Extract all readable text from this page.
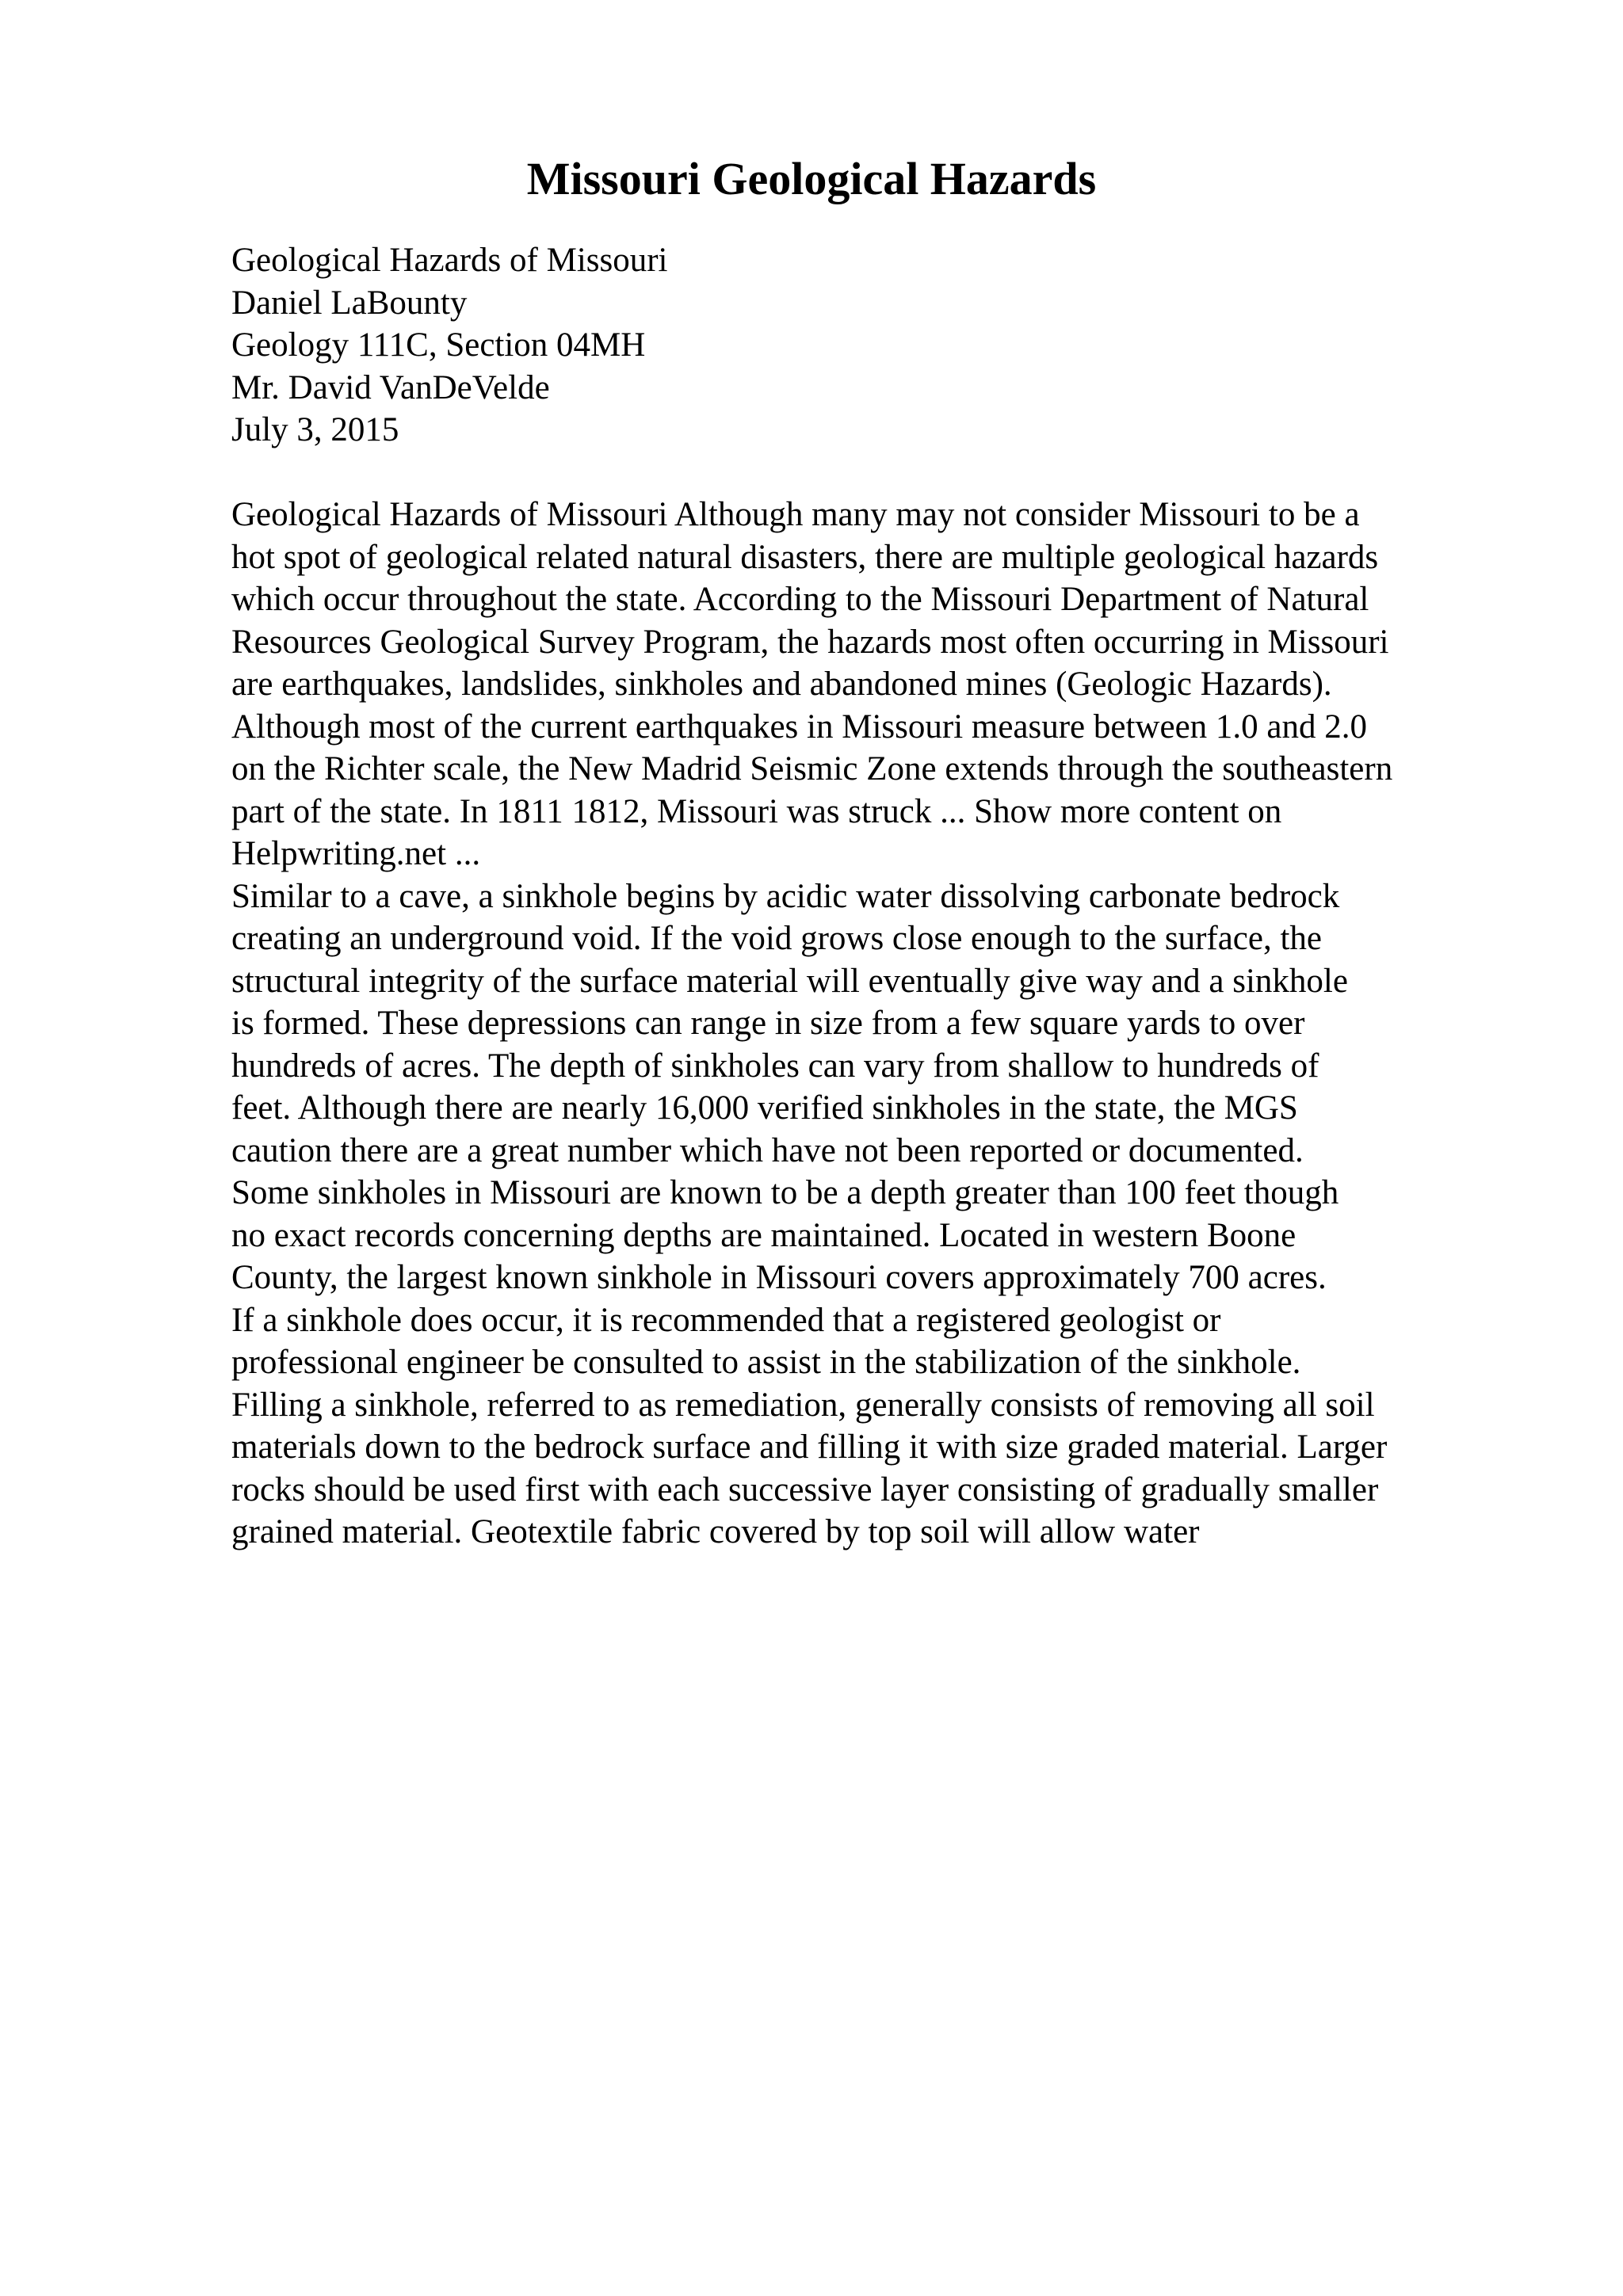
Missouri Geological Hazards
Geological Hazards of Missouri
Daniel LaBounty
Geology 111C, Section 04MH
Mr. David VanDeVelde
July 3, 2015
Geological Hazards of Missouri Although many may not consider Missouri to be a
hot spot of geological related natural disasters, there are multiple geological hazards
which occur throughout the state. According to the Missouri Department of Natural
Resources Geological Survey Program, the hazards most often occurring in Missouri
are earthquakes, landslides, sinkholes and abandoned mines (Geologic Hazards).
Although most of the current earthquakes in Missouri measure between 1.0 and 2.0
on the Richter scale, the New Madrid Seismic Zone extends through the southeastern
part of the state. In 1811 1812, Missouri was struck ... Show more content on
Helpwriting.net ...
Similar to a cave, a sinkhole begins by acidic water dissolving carbonate bedrock
creating an underground void. If the void grows close enough to the surface, the
structural integrity of the surface material will eventually give way and a sinkhole
is formed. These depressions can range in size from a few square yards to over
hundreds of acres. The depth of sinkholes can vary from shallow to hundreds of
feet. Although there are nearly 16,000 verified sinkholes in the state, the MGS
caution there are a great number which have not been reported or documented.
Some sinkholes in Missouri are known to be a depth greater than 100 feet though
no exact records concerning depths are maintained. Located in western Boone
County, the largest known sinkhole in Missouri covers approximately 700 acres.
If a sinkhole does occur, it is recommended that a registered geologist or
professional engineer be consulted to assist in the stabilization of the sinkhole.
Filling a sinkhole, referred to as remediation, generally consists of removing all soil
materials down to the bedrock surface and filling it with size graded material. Larger
rocks should be used first with each successive layer consisting of gradually smaller
grained material. Geotextile fabric covered by top soil will allow water
